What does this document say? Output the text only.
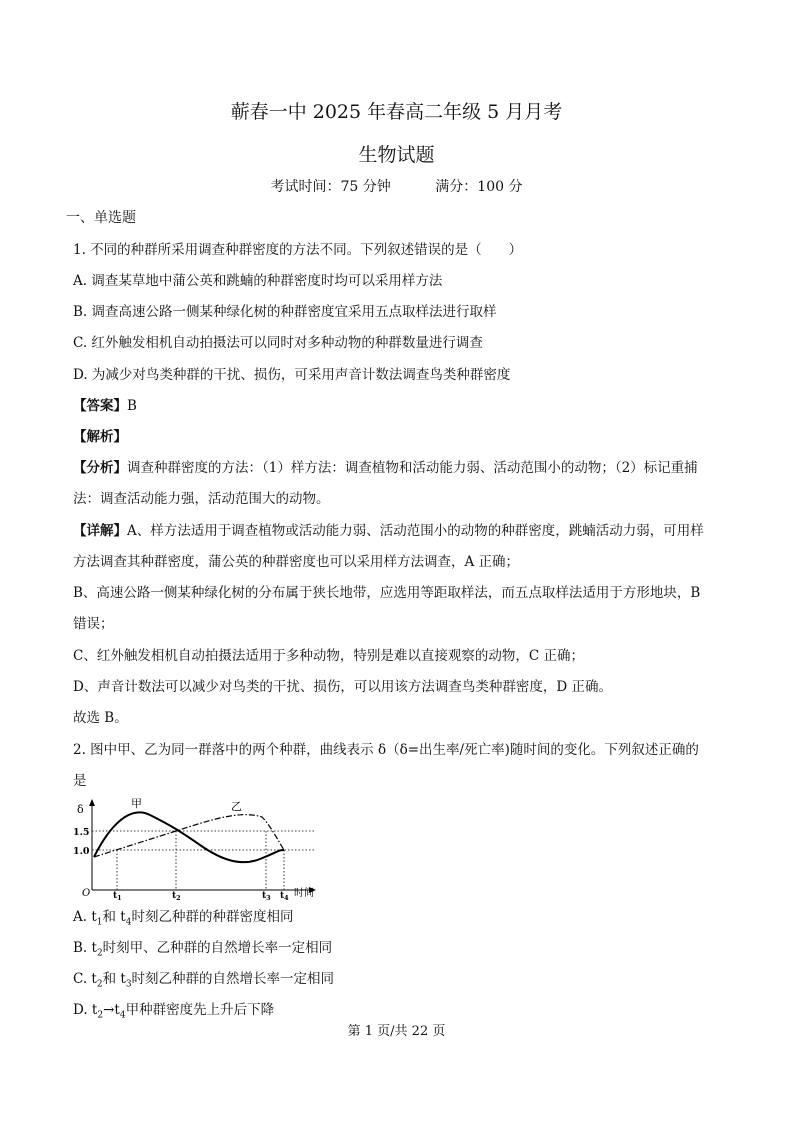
蕲春一中 2025 年春高二年级 5 月月考
生物试题
考试时间：75 分钟          满分：100 分
一、单选题
1. 不同的种群所采用调查种群密度的方法不同。下列叙述错误的是（　　）
A. 调查某草地中蒲公英和跳蝻的种群密度时均可以采用样方法
B. 调查高速公路一侧某种绿化树的种群密度宜采用五点取样法进行取样
C. 红外触发相机自动拍摄法可以同时对多种动物的种群数量进行调查
D. 为减少对鸟类种群的干扰、损伤，可采用声音计数法调查鸟类种群密度
【答案】B
【解析】
【分析】调查种群密度的方法：（1）样方法：调查植物和活动能力弱、活动范围小的动物；（2）标记重捕
法：调查活动能力强，活动范围大的动物。
【详解】A、样方法适用于调查植物或活动能力弱、活动范围小的动物的种群密度，跳蝻活动力弱，可用样
方法调查其种群密度，蒲公英的种群密度也可以采用样方法调查，A 正确；
B、高速公路一侧某种绿化树的分布属于狭长地带，应选用等距取样法，而五点取样法适用于方形地块，B
错误；
C、红外触发相机自动拍摄法适用于多种动物，特别是难以直接观察的动物，C 正确；
D、声音计数法可以减少对鸟类的干扰、损伤，可以用该方法调查鸟类种群密度，D 正确。
故选 B。
2. 图中甲、乙为同一群落中的两个种群，曲线表示 δ（δ=出生率/死亡率)随时间的变化。下列叙述正确的
是
δ
1.5
1.0
O	时间
甲	乙
$t_1$	$t_2$	$t_3$ $t_4$
A. $t_1$和 $t_4$时刻乙种群的种群密度相同
B. $t_2$时刻甲、乙种群的自然增长率一定相同
C. $t_2$和 $t_3$时刻乙种群的自然增长率一定相同
D. $t_2\to t_4$甲种群密度先上升后下降
第 1 页/共 22 页
